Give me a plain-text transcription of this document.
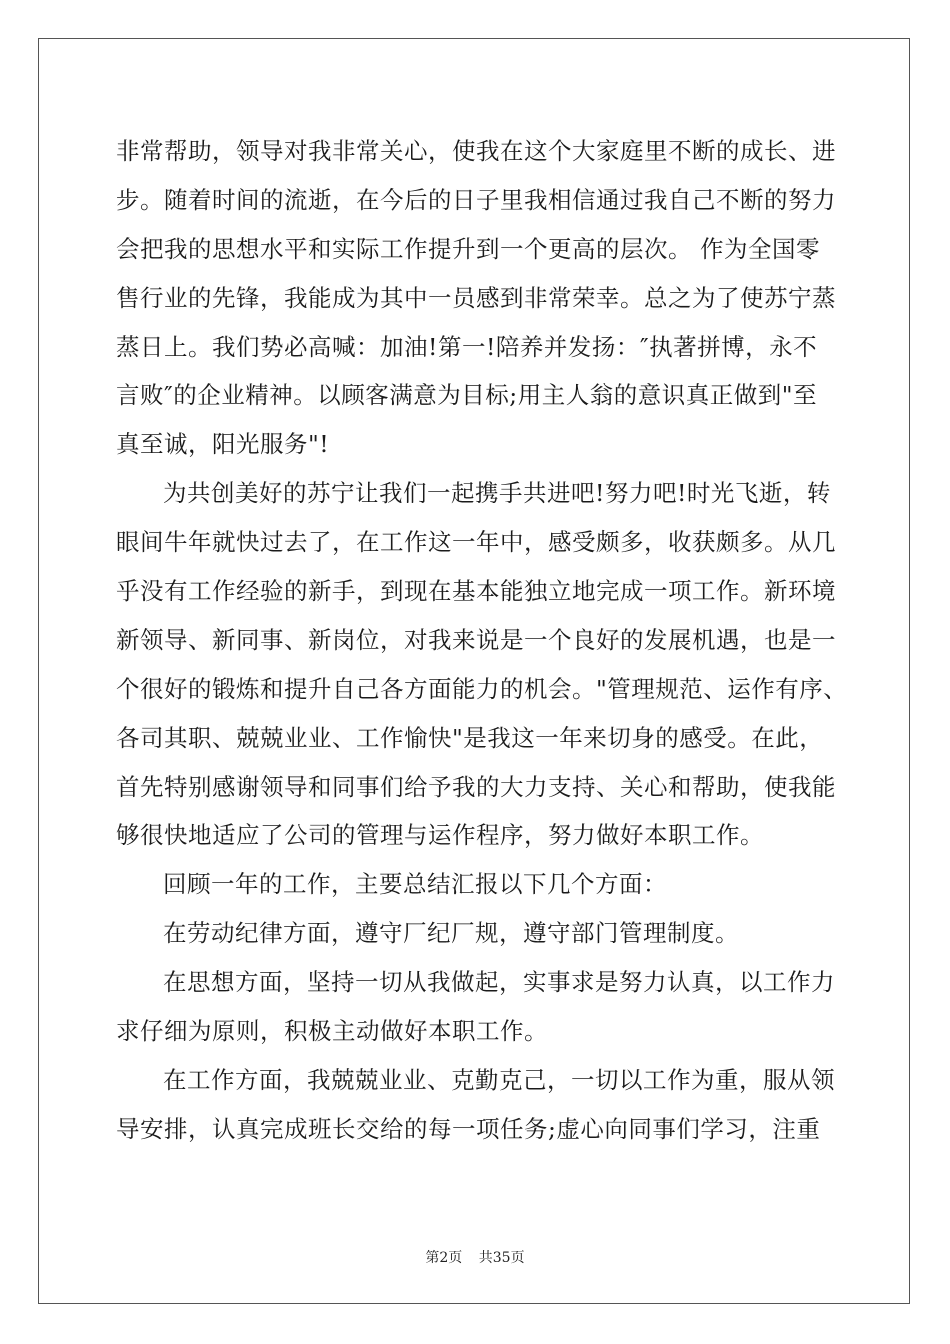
非常帮助，领导对我非常关心，使我在这个大家庭里不断的成长、进
步。随着时间的流逝，在今后的日子里我相信通过我自己不断的努力
会把我的思想水平和实际工作提升到一个更高的层次。 作为全国零
售行业的先锋，我能成为其中一员感到非常荣幸。总之为了使苏宁蒸
蒸日上。我们势必高喊：加油!第一!陪养并发扬：″执著拼博，永不
言败″的企业精神。以顾客满意为目标;用主人翁的意识真正做到"至
真至诚，阳光服务"!
为共创美好的苏宁让我们一起携手共进吧!努力吧!时光飞逝，转
眼间牛年就快过去了，在工作这一年中，感受颇多，收获颇多。从几
乎没有工作经验的新手，到现在基本能独立地完成一项工作。新环境
新领导、新同事、新岗位，对我来说是一个良好的发展机遇，也是一
个很好的锻炼和提升自己各方面能力的机会。"管理规范、运作有序、
各司其职、兢兢业业、工作愉快"是我这一年来切身的感受。在此，
首先特别感谢领导和同事们给予我的大力支持、关心和帮助，使我能
够很快地适应了公司的管理与运作程序，努力做好本职工作。
回顾一年的工作，主要总结汇报以下几个方面：
在劳动纪律方面，遵守厂纪厂规，遵守部门管理制度。
在思想方面，坚持一切从我做起，实事求是努力认真，以工作力
求仔细为原则，积极主动做好本职工作。
在工作方面，我兢兢业业、克勤克己，一切以工作为重，服从领
导安排，认真完成班长交给的每一项任务;虚心向同事们学习，注重
第2页 共35页
